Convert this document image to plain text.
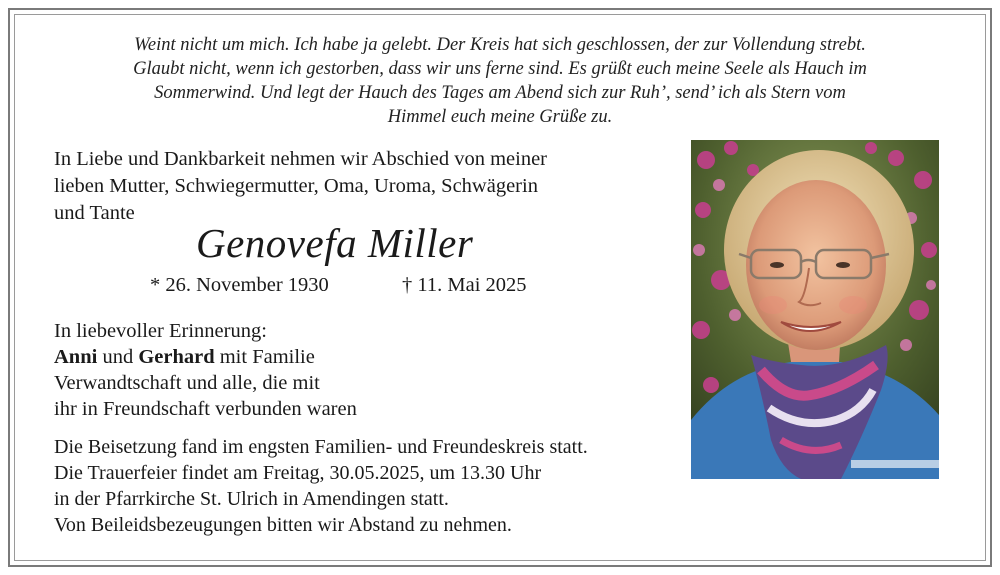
Weint nicht um mich. Ich habe ja gelebt. Der Kreis hat sich geschlossen, der zur Vollendung strebt.
Glaubt nicht, wenn ich gestorben, dass wir uns ferne sind. Es grüßt euch meine Seele als Hauch im
Sommerwind. Und legt der Hauch des Tages am Abend sich zur Ruh’, send’ ich als Stern vom
Himmel euch meine Grüße zu.
In Liebe und Dankbarkeit nehmen wir Abschied von meiner
lieben Mutter, Schwiegermutter, Oma, Uroma, Schwägerin
und Tante
Genovefa Miller
* 26. November 1930	† 11. Mai 2025
In liebevoller Erinnerung:
Anni und Gerhard mit Familie
Verwandtschaft und alle, die mit
ihr in Freundschaft verbunden waren
Die Beisetzung fand im engsten Familien- und Freundeskreis statt.
Die Trauerfeier findet am Freitag, 30.05.2025, um 13.30 Uhr
in der Pfarrkirche St. Ulrich in Amendingen statt.
Von Beileidsbezeugungen bitten wir Abstand zu nehmen.
